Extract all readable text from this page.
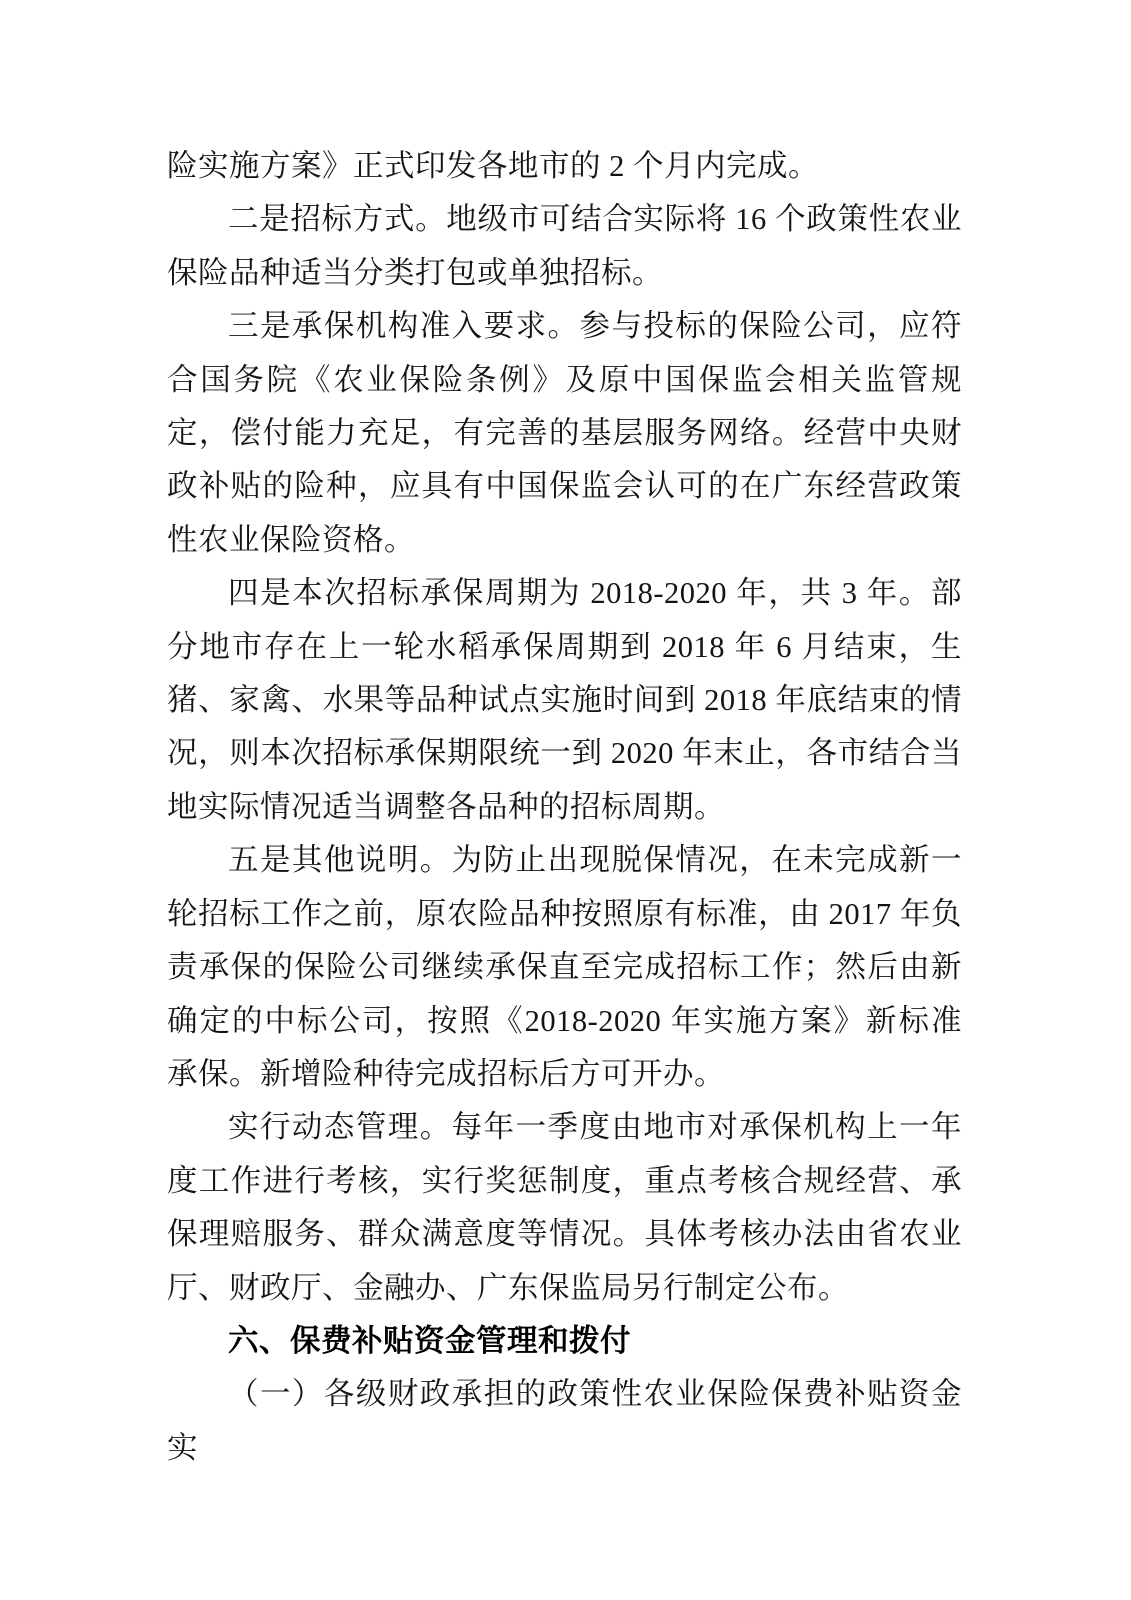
险实施方案》正式印发各地市的 2 个月内完成。

二是招标方式。地级市可结合实际将 16 个政策性农业保险品种适当分类打包或单独招标。

三是承保机构准入要求。参与投标的保险公司，应符合国务院《农业保险条例》及原中国保监会相关监管规定，偿付能力充足，有完善的基层服务网络。经营中央财政补贴的险种，应具有中国保监会认可的在广东经营政策性农业保险资格。

四是本次招标承保周期为 2018-2020 年，共 3 年。部分地市存在上一轮水稻承保周期到 2018 年 6 月结束，生猪、家禽、水果等品种试点实施时间到 2018 年底结束的情况，则本次招标承保期限统一到 2020 年末止，各市结合当地实际情况适当调整各品种的招标周期。

五是其他说明。为防止出现脱保情况，在未完成新一轮招标工作之前，原农险品种按照原有标准，由 2017 年负责承保的保险公司继续承保直至完成招标工作；然后由新确定的中标公司，按照《2018-2020 年实施方案》新标准承保。新增险种待完成招标后方可开办。

实行动态管理。每年一季度由地市对承保机构上一年度工作进行考核，实行奖惩制度，重点考核合规经营、承保理赔服务、群众满意度等情况。具体考核办法由省农业厅、财政厅、金融办、广东保监局另行制定公布。

六、保费补贴资金管理和拨付

（一）各级财政承担的政策性农业保险保费补贴资金实
